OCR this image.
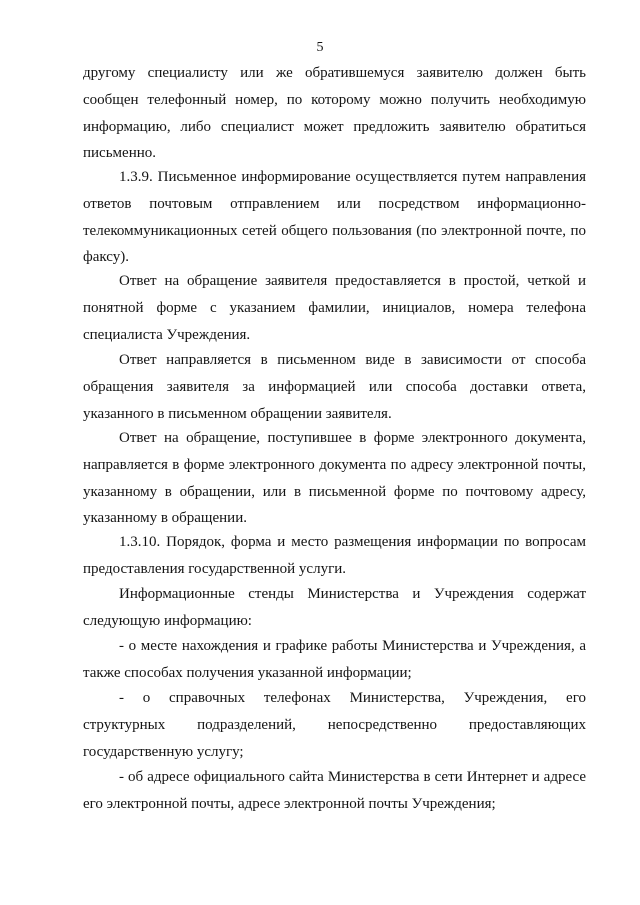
5
другому специалисту или же обратившемуся заявителю должен быть
сообщен телефонный номер, по которому можно получить необходимую
информацию, либо специалист может предложить заявителю обратиться
письменно.
1.3.9. Письменное информирование осуществляется путем направления
ответов почтовым отправлением или посредством информационно-
телекоммуникационных сетей общего пользования (по электронной почте, по
факсу).
Ответ на обращение заявителя предоставляется в простой, четкой и
понятной форме с указанием фамилии, инициалов, номера телефона
специалиста Учреждения.
Ответ направляется в письменном виде в зависимости от способа
обращения заявителя за информацией или способа доставки ответа,
указанного в письменном обращении заявителя.
Ответ на обращение, поступившее в форме электронного документа,
направляется в форме электронного документа по адресу электронной почты,
указанному в обращении, или в письменной форме по почтовому адресу,
указанному в обращении.
1.3.10. Порядок, форма и место размещения информации по вопросам
предоставления государственной услуги.
Информационные стенды Министерства и Учреждения содержат
следующую информацию:
- о месте нахождения и графике работы Министерства и Учреждения, а
также способах получения указанной информации;
- о справочных телефонах Министерства, Учреждения, его
структурных подразделений, непосредственно предоставляющих
государственную услугу;
- об адресе официального сайта Министерства в сети Интернет и адресе
его электронной почты, адресе электронной почты Учреждения;
